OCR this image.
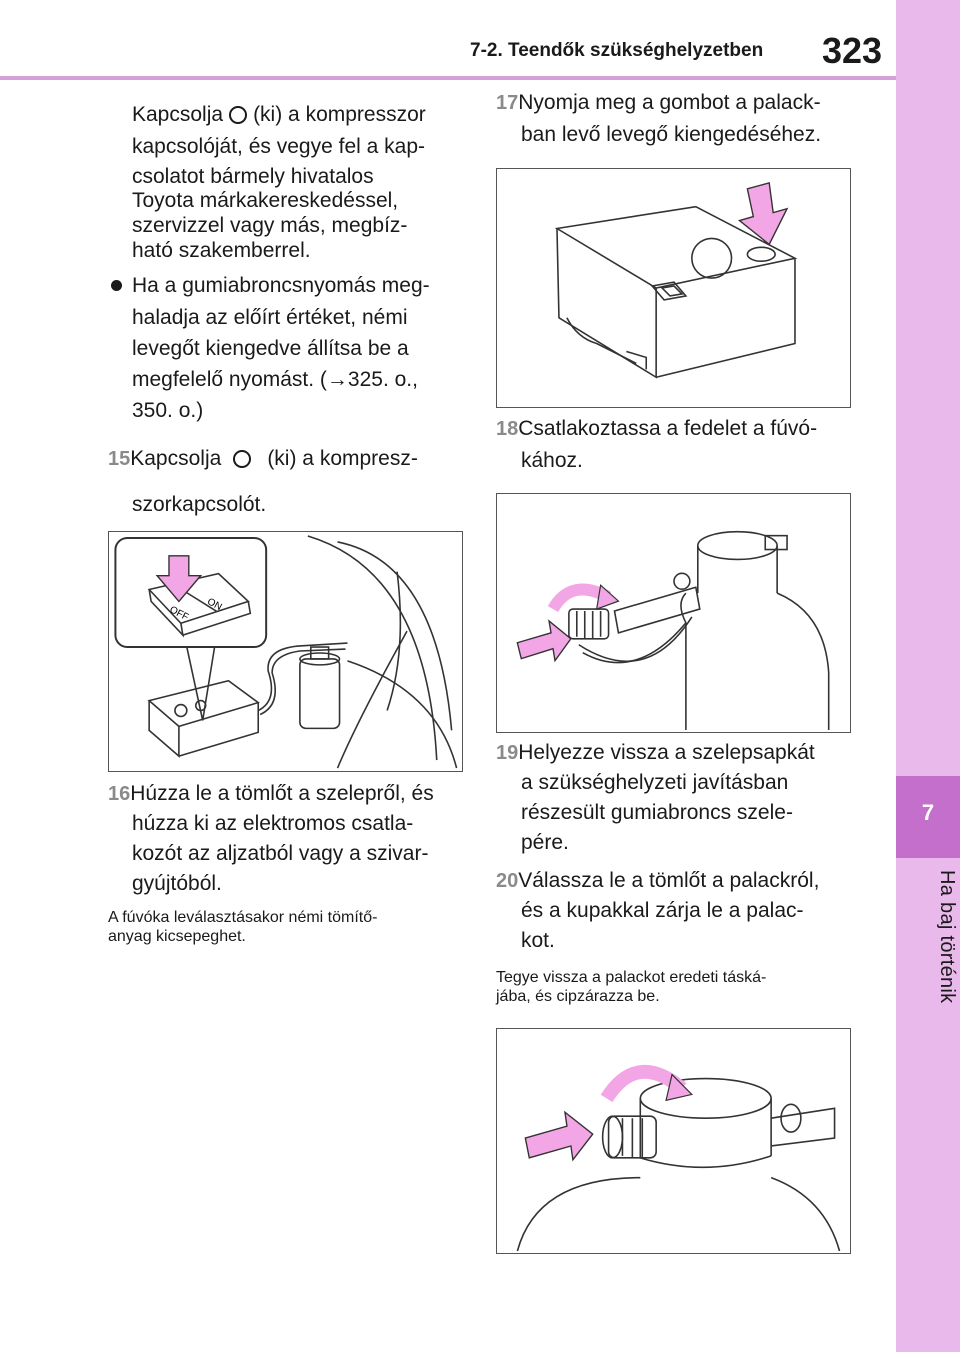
7-2. Teendők szükséghelyzetben 323
7
Ha baj történik
Kapcsolja (ki) a kompresszor
kapcsolóját, és vegye fel a kap-
csolatot bármely hivatalos
Toyota márkakereskedéssel,
szervizzel vagy más, megbíz-
ható szakemberrel.
Ha a gumiabroncsnyomás meg-
haladja az előírt értéket, némi
levegőt kiengedve állítsa be a
megfelelő nyomást. (→325. o.,
350. o.)
15Kapcsolja (ki) a kompresz-
szorkapcsolót.
ON
OFF
16Húzza le a tömlőt a szelepről, és
húzza ki az elektromos csatla-
kozót az aljzatból vagy a szivar-
gyújtóból.
A fúvóka leválasztásakor némi tömítő-
anyag kicsepeghet.
17Nyomja meg a gombot a palack-
ban levő levegő kiengedéséhez.
18Csatlakoztassa a fedelet a fúvó-
kához.
19Helyezze vissza a szelepsapkát
a szükséghelyzeti javításban
részesült gumiabroncs szele-
pére.
20Válassza le a tömlőt a palackról,
és a kupakkal zárja le a palac-
kot.
Tegye vissza a palackot eredeti táská-
jába, és cipzárazza be.
